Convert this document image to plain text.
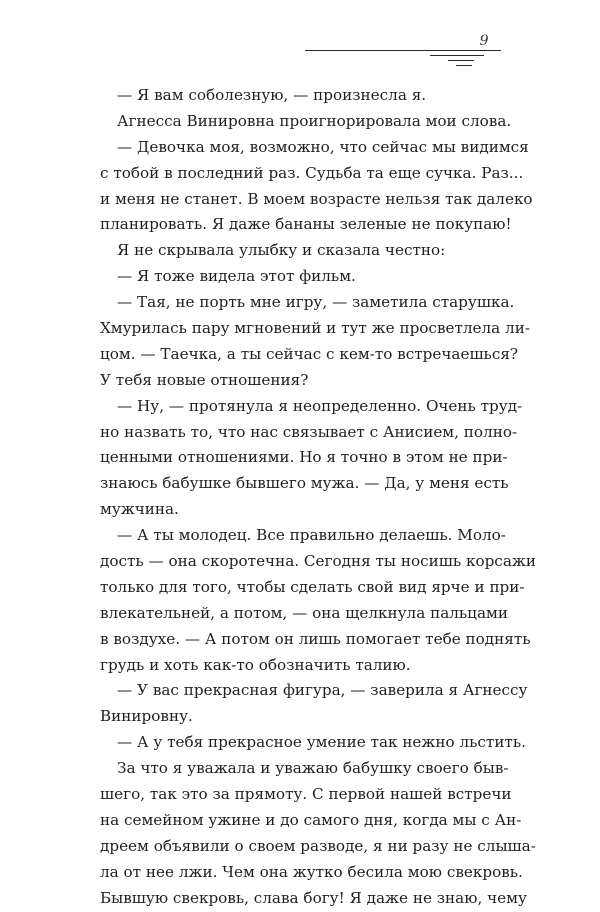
9
— Я вам соболезную, — произнесла я.
Агнесса Винировна проигнорировала мои слова.
— Девочка моя, возможно, что сейчас мы видимся
с тобой в последний раз. Судьба та еще сучка. Раз...
и меня не станет. В моем возрасте нельзя так далеко
планировать. Я даже бананы зеленые не покупаю!
Я не скрывала улыбку и сказала честно:
— Я тоже видела этот фильм.
— Тая, не порть мне игру, — заметила старушка.
Хмурилась пару мгновений и тут же просветлела ли-
цом. — Таечка, а ты сейчас с кем-то встречаешься?
У тебя новые отношения?
— Ну, — протянула я неопределенно. Очень труд-
но назвать то, что нас связывает с Анисием, полно-
ценными отношениями. Но я точно в этом не при-
знаюсь бабушке бывшего мужа. — Да, у меня есть
мужчина.
— А ты молодец. Все правильно делаешь. Моло-
дость — она скоротечна. Сегодня ты носишь корсажи
только для того, чтобы сделать свой вид ярче и при-
влекательней, а потом, — она щелкнула пальцами
в воздухе. — А потом он лишь помогает тебе поднять
грудь и хоть как-то обозначить талию.
— У вас прекрасная фигура, — заверила я Агнессу
Винировну.
— А у тебя прекрасное умение так нежно льстить.
За что я уважала и уважаю бабушку своего быв-
шего, так это за прямоту. С первой нашей встречи
на семейном ужине и до самого дня, когда мы с Ан-
дреем объявили о своем разводе, я ни разу не слыша-
ла от нее лжи. Чем она жутко бесила мою свекровь.
Бывшую свекровь, слава богу! Я даже не знаю, чему
